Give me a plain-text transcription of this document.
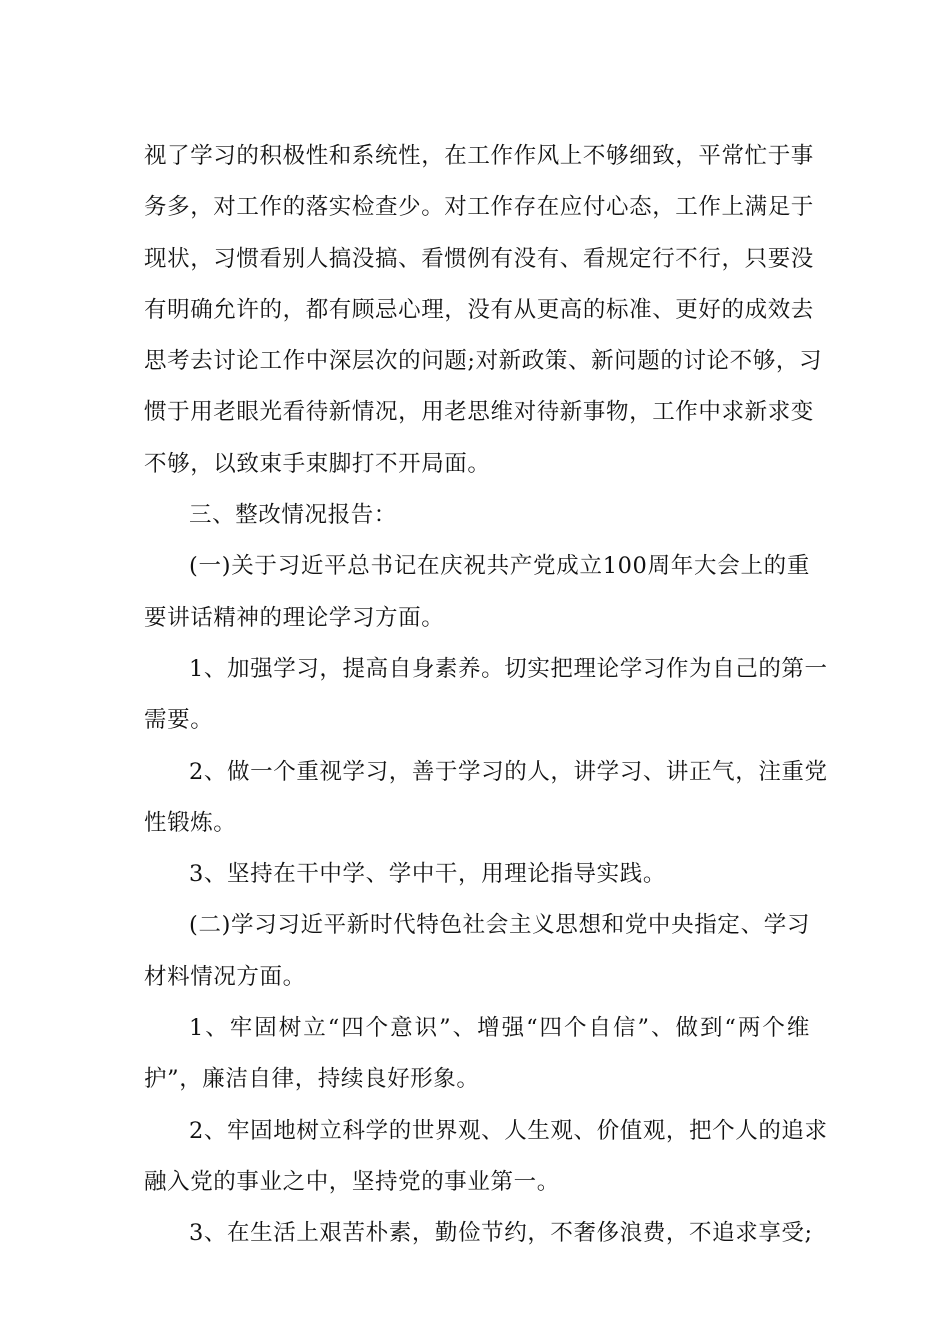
视了学习的积极性和系统性，在工作作风上不够细致，平常忙于事
务多，对工作的落实检查少。对工作存在应付心态，工作上满足于
现状，习惯看别人搞没搞、看惯例有没有、看规定行不行，只要没
有明确允许的，都有顾忌心理，没有从更高的标准、更好的成效去
思考去讨论工作中深层次的问题;对新政策、新问题的讨论不够，习
惯于用老眼光看待新情况，用老思维对待新事物，工作中求新求变
不够，以致束手束脚打不开局面。

三、整改情况报告：

(一)关于习近平总书记在庆祝共产党成立100周年大会上的重
要讲话精神的理论学习方面。

1、加强学习，提高自身素养。切实把理论学习作为自己的第一
需要。

2、做一个重视学习，善于学习的人，讲学习、讲正气，注重党
性锻炼。

3、坚持在干中学、学中干，用理论指导实践。

(二)学习习近平新时代特色社会主义思想和党中央指定、学习
材料情况方面。

1、牢固树立“四个意识”、增强“四个自信”、做到“两个维
护”，廉洁自律，持续良好形象。

2、牢固地树立科学的世界观、人生观、价值观，把个人的追求
融入党的事业之中，坚持党的事业第一。

3、在生活上艰苦朴素，勤俭节约，不奢侈浪费，不追求享受;
